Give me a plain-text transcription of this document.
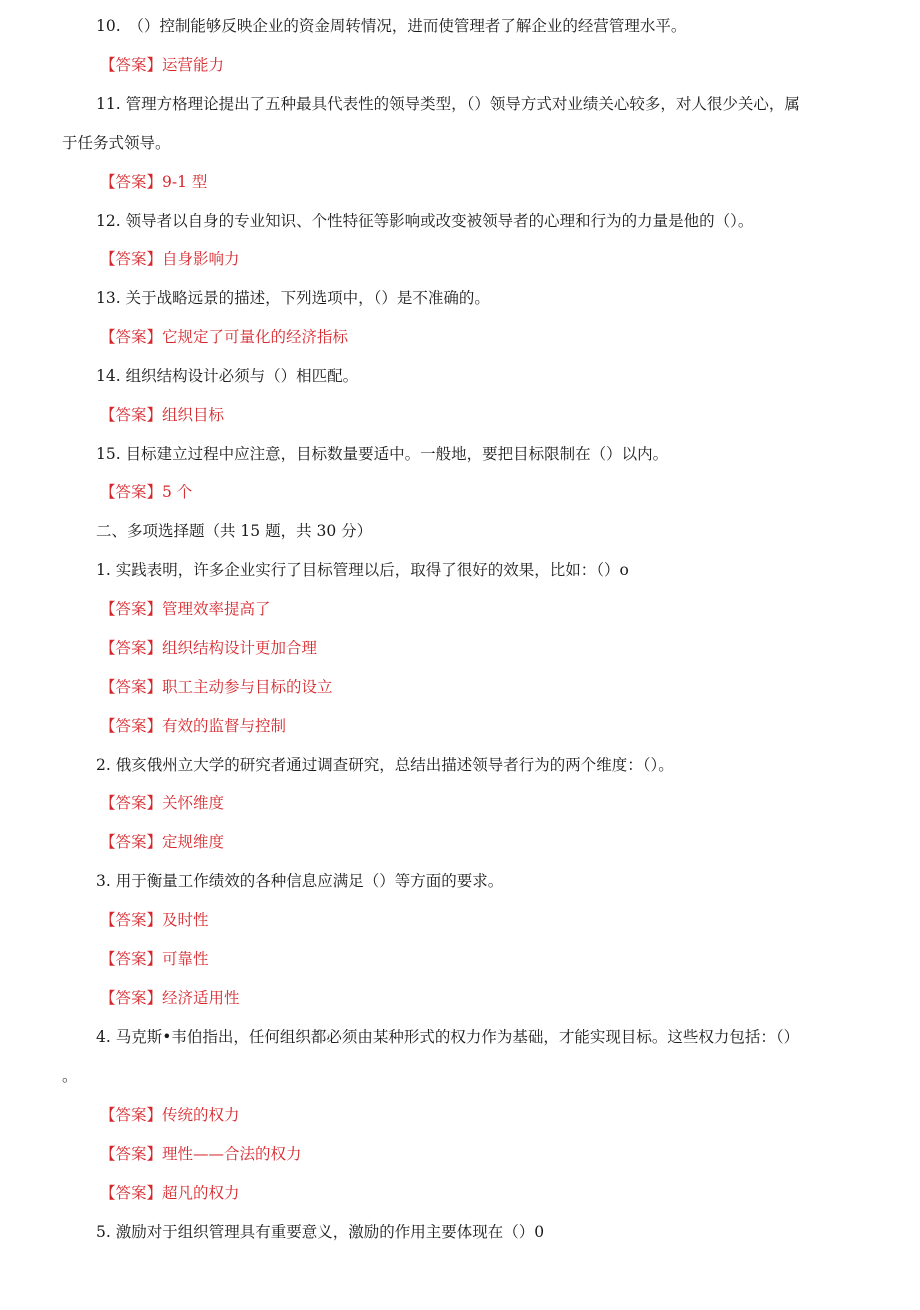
10.　（）控制能够反映企业的资金周转情况，进而使管理者了解企业的经营管理水平。
【答案】运营能力
11. 管理方格理论提出了五种最具代表性的领导类型，（）领导方式对业绩关心较多，对人很少关心，属
于任务式领导。
【答案】9-1 型
12. 领导者以自身的专业知识、个性特征等影响或改变被领导者的心理和行为的力量是他的（）。
【答案】自身影响力
13. 关于战略远景的描述，下列选项中，（）是不准确的。
【答案】它规定了可量化的经济指标
14. 组织结构设计必须与（）相匹配。
【答案】组织目标
15. 目标建立过程中应注意，目标数量要适中。一般地，要把目标限制在（）以内。
【答案】5 个
二、多项选择题（共 15 题，共 30 分）
1. 实践表明，许多企业实行了目标管理以后，取得了很好的效果，比如：（）o
【答案】管理效率提高了
【答案】组织结构设计更加合理
【答案】职工主动参与目标的设立
【答案】有效的监督与控制
2. 俄亥俄州立大学的研究者通过调查研究，总结出描述领导者行为的两个维度：（）。
【答案】关怀维度
【答案】定规维度
3. 用于衡量工作绩效的各种信息应满足（）等方面的要求。
【答案】及时性
【答案】可靠性
【答案】经济适用性
4. 马克斯•韦伯指出，任何组织都必须由某种形式的权力作为基础，才能实现目标。这些权力包括：（）
。
【答案】传统的权力
【答案】理性——合法的权力
【答案】超凡的权力
5. 激励对于组织管理具有重要意义，激励的作用主要体现在（）0
